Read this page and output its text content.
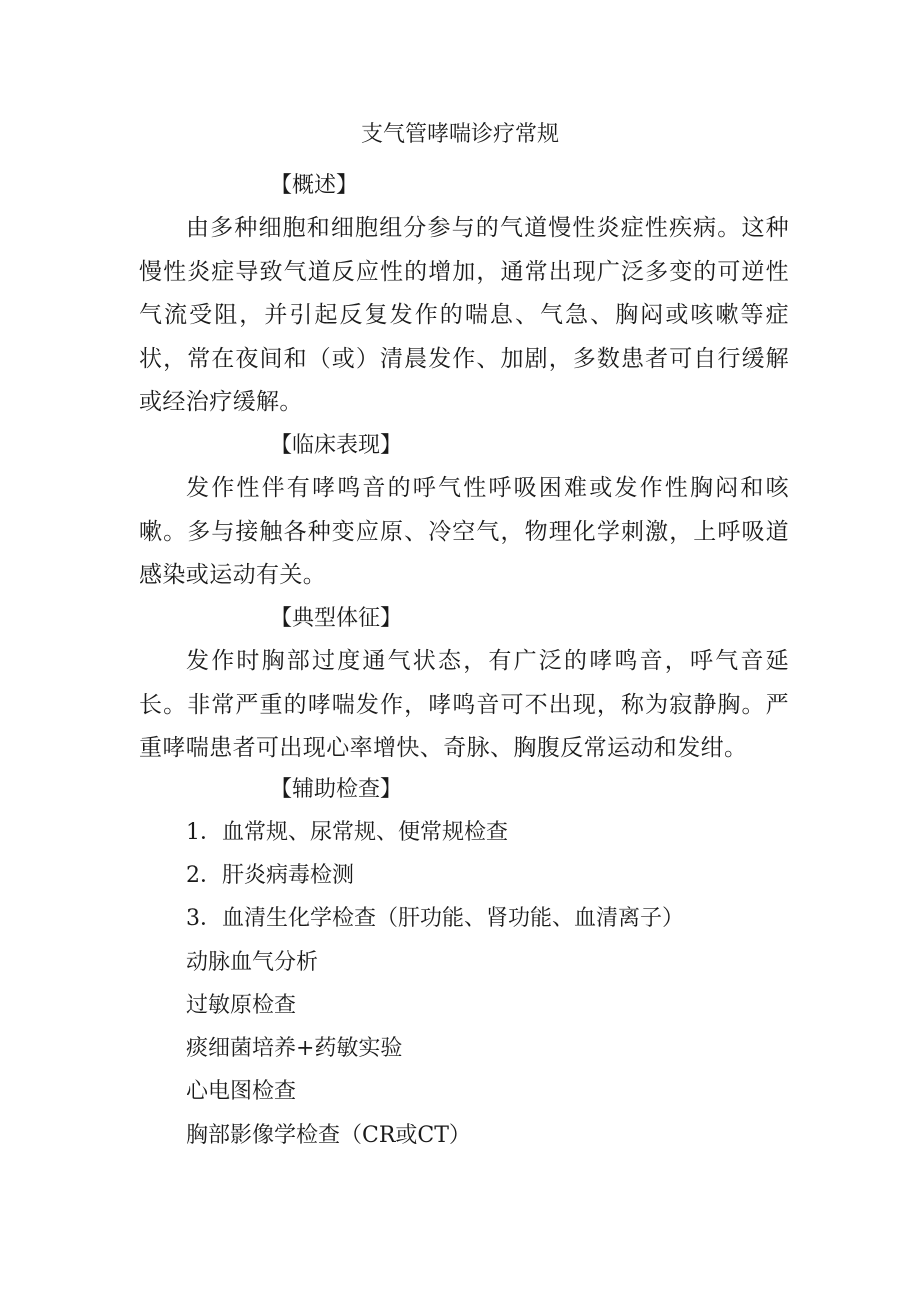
支气管哮喘诊疗常规
【概述】
由多种细胞和细胞组分参与的气道慢性炎症性疾病。这种慢性炎症导致气道反应性的增加，通常出现广泛多变的可逆性气流受阻，并引起反复发作的喘息、气急、胸闷或咳嗽等症状，常在夜间和（或）清晨发作、加剧，多数患者可自行缓解或经治疗缓解。
【临床表现】
发作性伴有哮鸣音的呼气性呼吸困难或发作性胸闷和咳嗽。多与接触各种变应原、冷空气，物理化学刺激，上呼吸道感染或运动有关。
【典型体征】
发作时胸部过度通气状态，有广泛的哮鸣音，呼气音延长。非常严重的哮喘发作，哮鸣音可不出现，称为寂静胸。严重哮喘患者可出现心率增快、奇脉、胸腹反常运动和发绀。
【辅助检查】
1．血常规、尿常规、便常规检查
2．肝炎病毒检测
3．血清生化学检查（肝功能、肾功能、血清离子）
动脉血气分析
过敏原检查
痰细菌培养+药敏实验
心电图检查
胸部影像学检查（CR或CT）
